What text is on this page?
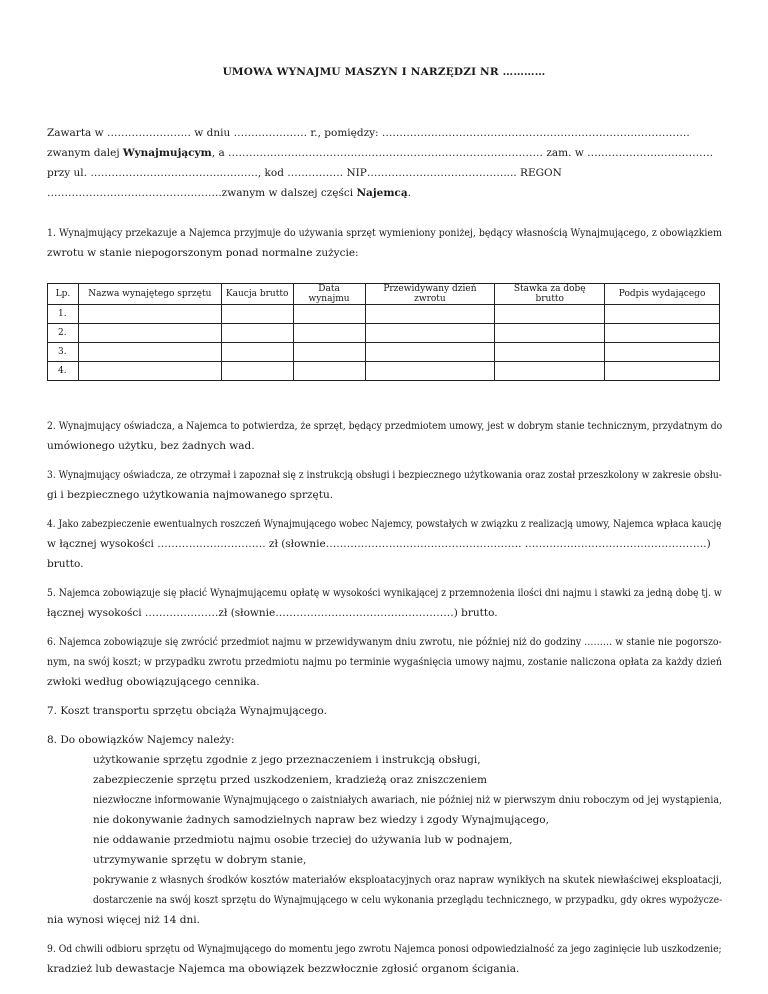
UMOWA WYNAJMU MASZYN I NARZĘDZI NR …………
Zawarta w …………………… w dniu ………………… r., pomiędzy: …………………………………………………………………………….
zwanym dalej Wynajmującym, a ……………………………………………………………………………… zam. w ………………………………
przy ul. ………………………………..………., kod ……………. NIP………………………………….... REGON
…………………………………………..zwanym w dalszej części Najemcą.
1. Wynajmujący przekazuje a Najemca przyjmuje do używania sprzęt wymieniony poniżej, będący własnością Wynajmującego, z obowiązkiem
zwrotu w stanie niepogorszonym ponad normalne zużycie:
Lp.	Nazwa wynajętego sprzętu	Kaucja brutto	Data wynajmu	Przewidywany dzień zwrotu	Stawka za dobę brutto	Podpis wydającego
1.						
2.						
3.						
4.						
2. Wynajmujący oświadcza, a Najemca to potwierdza, że sprzęt, będący przedmiotem umowy, jest w dobrym stanie technicznym, przydatnym do
umówionego użytku, bez żadnych wad.
3. Wynajmujący oświadcza, ze otrzymał i zapoznał się z instrukcją obsługi i bezpiecznego użytkowania oraz został przeszkolony w zakresie obsłu-
gi i bezpiecznego użytkowania najmowanego sprzętu.
4. Jako zabezpieczenie ewentualnych roszczeń Wynajmującego wobec Najemcy, powstałych w związku z realizacją umowy, Najemca wpłaca kaucję
w łącznej wysokości …………………………. zł (słownie………………….……………………………. …………………………………………….)
brutto.
5. Najemca zobowiązuje się płacić Wynajmującemu opłatę w wysokości wynikającej z przemnożenia ilości dni najmu i stawki za jedną dobę tj. w
łącznej wysokości …………………zł (słownie……………………………………………) brutto.
6. Najemca zobowiązuje się zwrócić przedmiot najmu w przewidywanym dniu zwrotu, nie później niż do godziny ……… w stanie nie pogorszo-
nym, na swój koszt; w przypadku zwrotu przedmiotu najmu po terminie wygaśnięcia umowy najmu, zostanie naliczona opłata za każdy dzień
zwłoki według obowiązującego cennika.
7. Koszt transportu sprzętu obciąża Wynajmującego.
8. Do obowiązków Najemcy należy:
użytkowanie sprzętu zgodnie z jego przeznaczeniem i instrukcją obsługi,
zabezpieczenie sprzętu przed uszkodzeniem, kradzieżą oraz zniszczeniem
niezwłoczne informowanie Wynajmującego o zaistniałych awariach, nie później niż w pierwszym dniu roboczym od jej wystąpienia,
nie dokonywanie żadnych samodzielnych napraw bez wiedzy i zgody Wynajmującego,
nie oddawanie przedmiotu najmu osobie trzeciej do używania lub w podnajem,
utrzymywanie sprzętu w dobrym stanie,
pokrywanie z własnych środków kosztów materiałów eksploatacyjnych oraz napraw wynikłych na skutek niewłaściwej eksploatacji,
dostarczenie na swój koszt sprzętu do Wynajmującego w celu wykonania przeglądu technicznego, w przypadku, gdy okres wypożycze-
nia wynosi więcej niż 14 dni.
9. Od chwili odbioru sprzętu od Wynajmującego do momentu jego zwrotu Najemca ponosi odpowiedzialność za jego zaginięcie lub uszkodzenie;
kradzież lub dewastacje Najemca ma obowiązek bezzwłocznie zgłosić organom ścigania.
